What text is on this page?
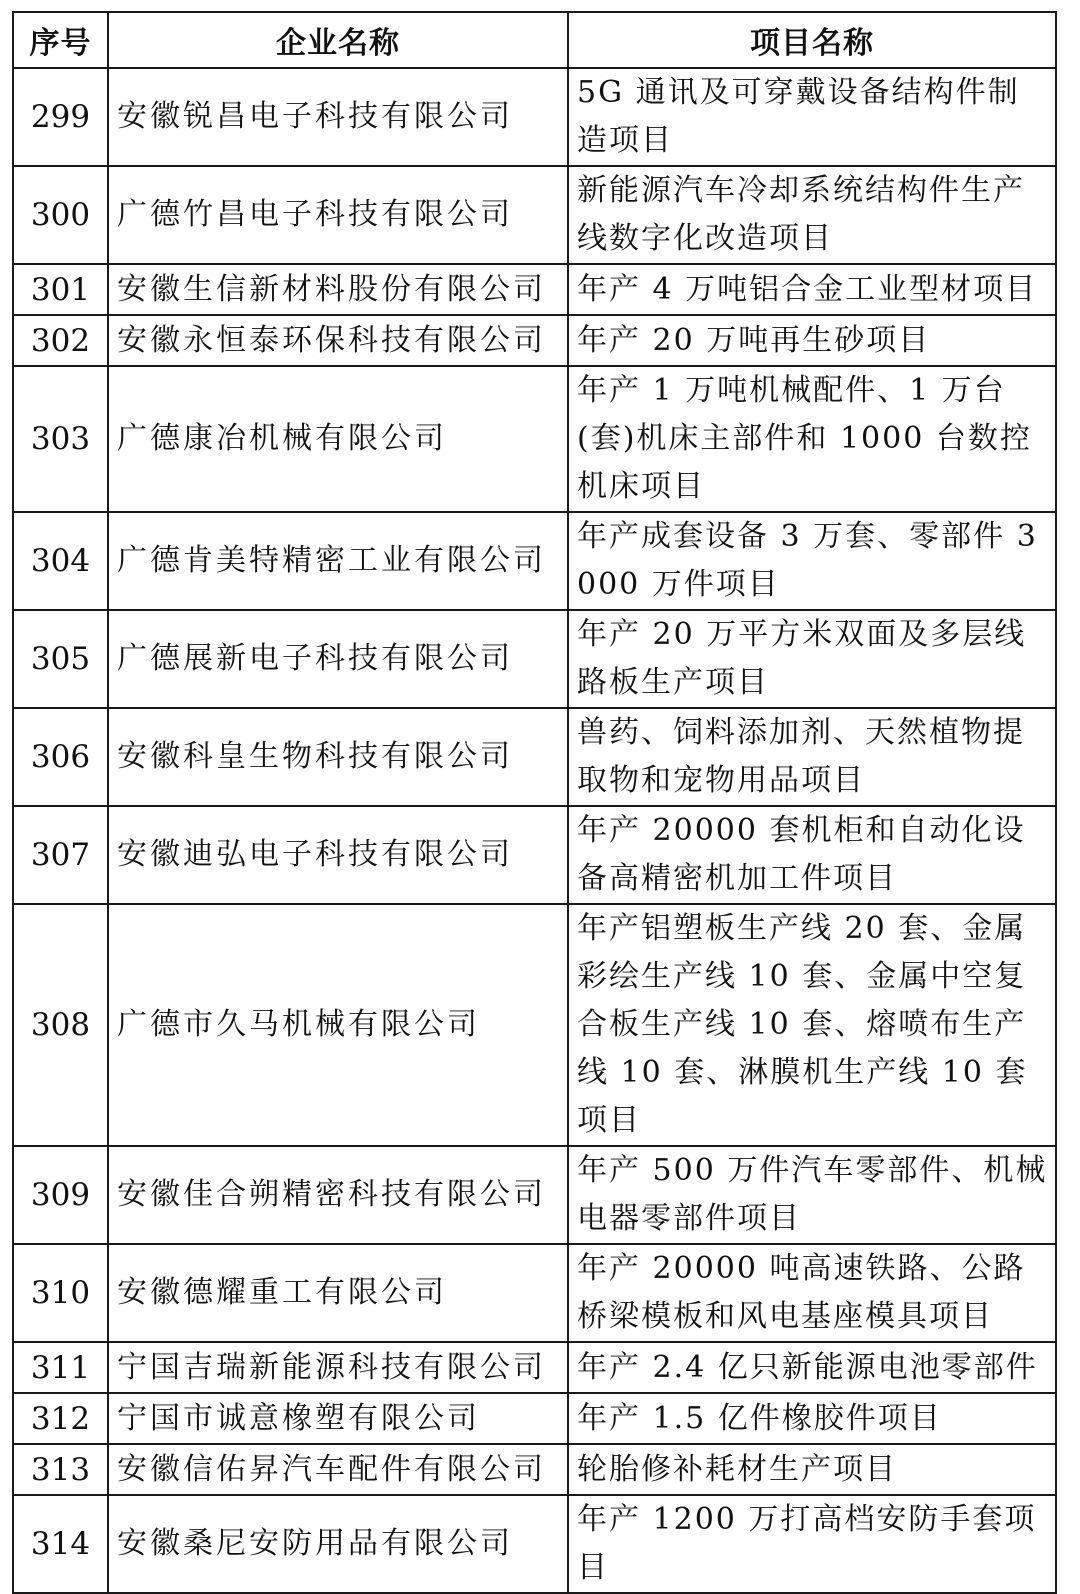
序号	企业名称	项目名称
299	安徽锐昌电子科技有限公司	5G 通讯及可穿戴设备结构件制造项目
300	广德竹昌电子科技有限公司	新能源汽车冷却系统结构件生产线数字化改造项目
301	安徽生信新材料股份有限公司	年产 4 万吨铝合金工业型材项目
302	安徽永恒泰环保科技有限公司	年产 20 万吨再生砂项目
303	广德康冶机械有限公司	年产 1 万吨机械配件、1 万台(套)机床主部件和 1000 台数控机床项目
304	广德肯美特精密工业有限公司	年产成套设备 3 万套、零部件 3000 万件项目
305	广德展新电子科技有限公司	年产 20 万平方米双面及多层线路板生产项目
306	安徽科皇生物科技有限公司	兽药、饲料添加剂、天然植物提取物和宠物用品项目
307	安徽迪弘电子科技有限公司	年产 20000 套机柜和自动化设备高精密机加工件项目
308	广德市久马机械有限公司	年产铝塑板生产线 20 套、金属彩绘生产线 10 套、金属中空复合板生产线 10 套、熔喷布生产线 10 套、淋膜机生产线 10 套项目
309	安徽佳合朔精密科技有限公司	年产 500 万件汽车零部件、机械电器零部件项目
310	安徽德耀重工有限公司	年产 20000 吨高速铁路、公路桥梁模板和风电基座模具项目
311	宁国吉瑞新能源科技有限公司	年产 2.4 亿只新能源电池零部件
312	宁国市诚意橡塑有限公司	年产 1.5 亿件橡胶件项目
313	安徽信佑昇汽车配件有限公司	轮胎修补耗材生产项目
314	安徽桑尼安防用品有限公司	年产 1200 万打高档安防手套项目
